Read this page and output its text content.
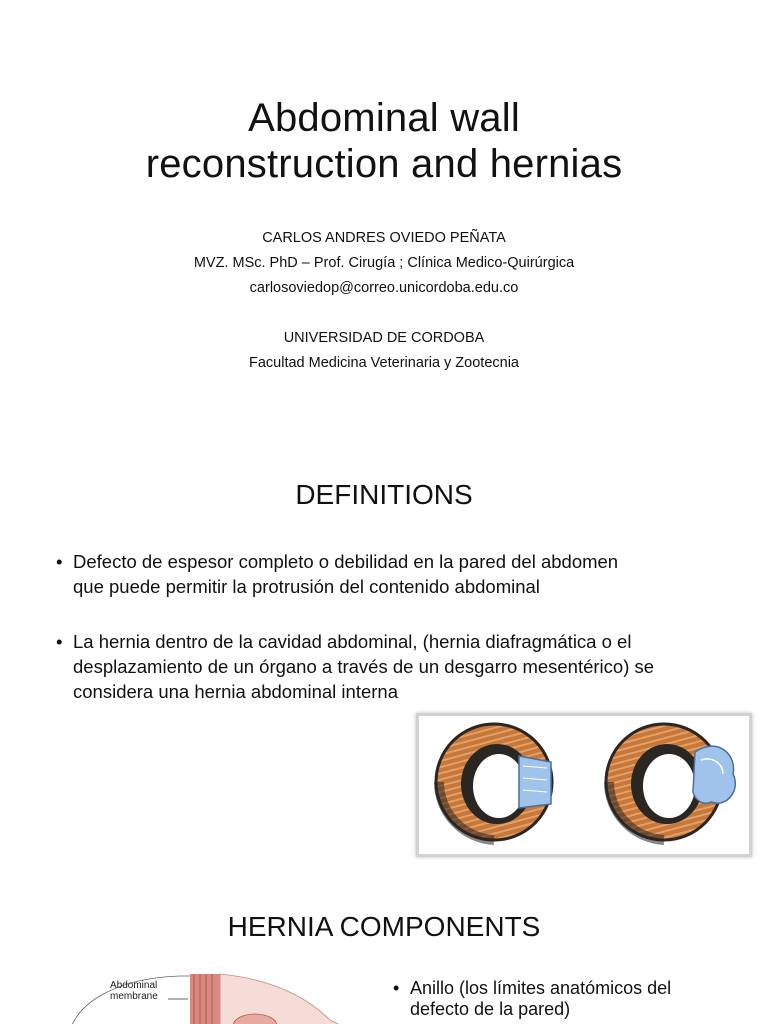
Abdominal wall
reconstruction and hernias
CARLOS ANDRES OVIEDO PEÑATA
MVZ. MSc. PhD – Prof. Cirugía ; Clínica Medico-Quirúrgica
carlosoviedop@correo.unicordoba.edu.co
UNIVERSIDAD DE CORDOBA
Facultad Medicina Veterinaria y Zootecnia
DEFINITIONS
• Defecto de espesor completo o debilidad en la pared del abdomen
que puede permitir la protrusión del contenido abdominal
• La hernia dentro de la cavidad abdominal, (hernia diafragmática o el
desplazamiento de un órgano a través de un desgarro mesentérico) se
considera una hernia abdominal interna
HERNIA COMPONENTS
Abdominal
membrane
•	Anillo (los límites anatómicos del
defecto de la pared)
